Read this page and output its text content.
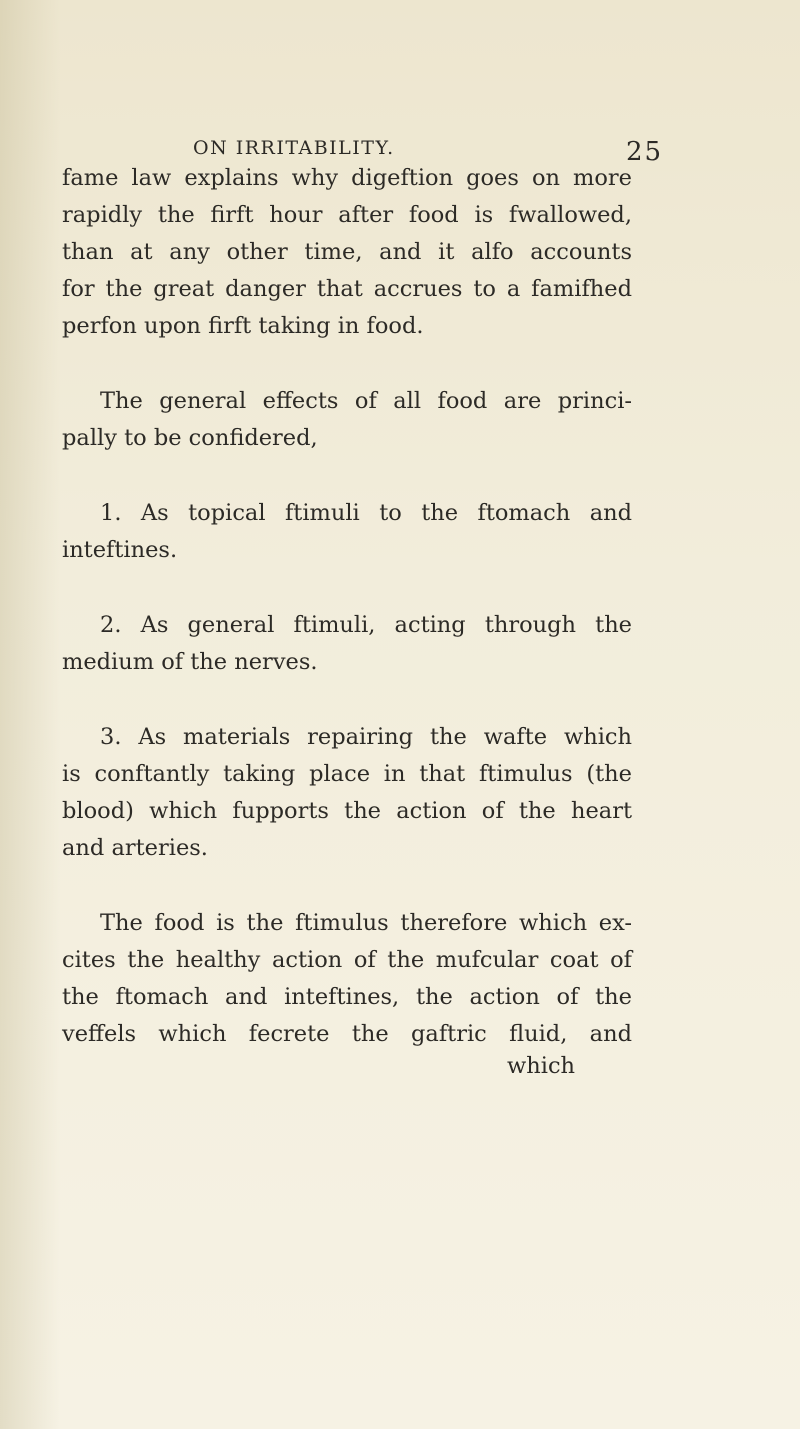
ON IRRITABILITY.	25

fame law explains why digeftion goes on more

rapidly the firft hour after food is fwallowed,

than at any other time, and it alfo accounts

for the great danger that accrues to a famifhed

perfon upon firft taking in food.

The general effects of all food are princi-

pally to be confidered,

1. As topical ftimuli to the ftomach and

inteftines.

2. As general ftimuli, acting through the

medium of the nerves.

3. As materials repairing the wafte which

is conftantly taking place in that ftimulus (the

blood) which fupports the action of the heart

and arteries.

The food is the ftimulus therefore which ex-

cites the healthy action of the mufcular coat of

the ftomach and inteftines, the action of the

veffels which fecrete the gaftric fluid, and

which
